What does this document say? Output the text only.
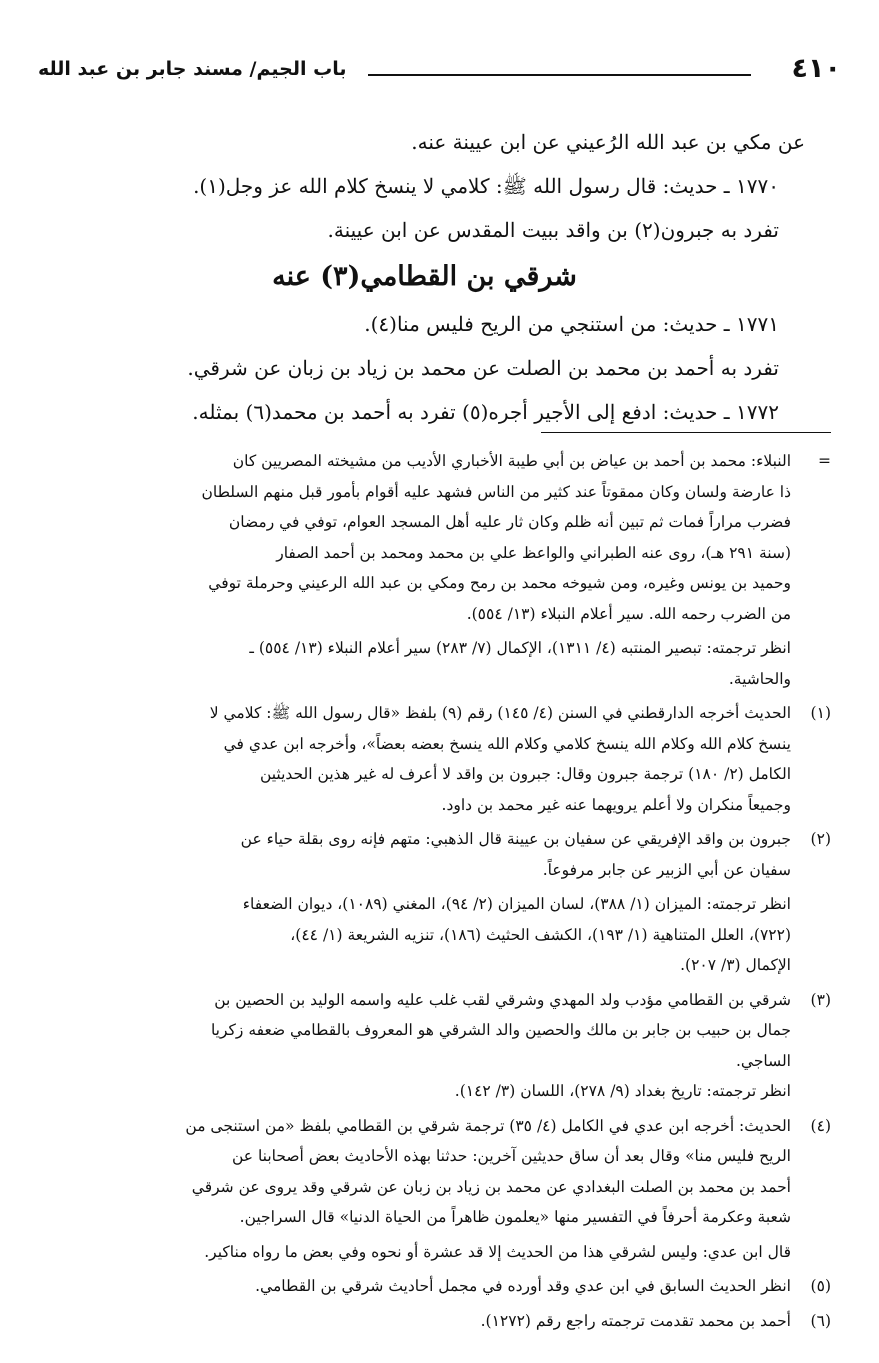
٤١٠
باب الجيم/ مسند جابر بن عبد الله
عن مكي بن عبد الله الرُعيني عن ابن عيينة عنه.
١٧٧٠ ـ حديث: قال رسول الله ﷺ: كلامي لا ينسخ كلام الله عز وجل(١).
تفرد به جبرون(٢) بن واقد ببيت المقدس عن ابن عيينة.
شرقي بن القطامي(٣) عنه
١٧٧١ ـ حديث: من استنجي من الريح فليس منا(٤).
تفرد به أحمد بن محمد بن الصلت عن محمد بن زياد بن زبان عن شرقي.
١٧٧٢ ـ حديث: ادفع إلى الأجير أجره(٥) تفرد به أحمد بن محمد(٦) بمثله.
=
النبلاء: محمد بن أحمد بن عياض بن أبي طيبة الأخباري الأديب من مشيخته المصريين كان
ذا عارضة ولسان وكان ممقوتاً عند كثير من الناس فشهد عليه أقوام بأمور قبل منهم السلطان
فضرب مراراً فمات ثم تبين أنه ظلم وكان ثار عليه أهل المسجد العوام، توفي في رمضان
(سنة ٢٩١ هـ)، روى عنه الطبراني والواعظ علي بن محمد ومحمد بن أحمد الصفار
وحميد بن يونس وغيره، ومن شيوخه محمد بن رمح ومكي بن عبد الله الرعيني وحرملة توفي
من الضرب رحمه الله. سير أعلام النبلاء (١٣/ ٥٥٤).
انظر ترجمته: تبصير المنتبه (٤/ ١٣١١)، الإكمال (٧/ ٢٨٣) سير أعلام النبلاء (١٣/ ٥٥٤) ـ
والحاشية.
(١)
الحديث أخرجه الدارقطني في السنن (٤/ ١٤٥) رقم (٩) بلفظ «قال رسول الله ﷺ: كلامي لا
ينسخ كلام الله وكلام الله ينسخ كلامي وكلام الله ينسخ بعضه بعضاً»، وأخرجه ابن عدي في
الكامل (٢/ ١٨٠) ترجمة جبرون وقال: جبرون بن واقد لا أعرف له غير هذين الحديثين
وجميعاً منكران ولا أعلم يرويهما عنه غير محمد بن داود.
(٢)
جبرون بن واقد الإفريقي عن سفيان بن عيينة قال الذهبي: متهم فإنه روى بقلة حياء عن
سفيان عن أبي الزبير عن جابر مرفوعاً.
انظر ترجمته: الميزان (١/ ٣٨٨)، لسان الميزان (٢/ ٩٤)، المغني (١٠٨٩)، ديوان الضعفاء
(٧٢٢)، العلل المتناهية (١/ ١٩٣)، الكشف الحثيث (١٨٦)، تنزيه الشريعة (١/ ٤٤)،
الإكمال (٣/ ٢٠٧).
(٣)
شرقي بن القطامي مؤدب ولد المهدي وشرقي لقب غلب عليه واسمه الوليد بن الحصين بن
جمال بن حبيب بن جابر بن مالك والحصين والد الشرقي هو المعروف بالقطامي ضعفه زكريا
الساجي.
انظر ترجمته: تاريخ بغداد (٩/ ٢٧٨)، اللسان (٣/ ١٤٢).
(٤)
الحديث: أخرجه ابن عدي في الكامل (٤/ ٣٥) ترجمة شرقي بن القطامي بلفظ «من استنجى من
الريح فليس منا» وقال بعد أن ساق حديثين آخرين: حدثنا بهذه الأحاديث بعض أصحابنا عن
أحمد بن محمد بن الصلت البغدادي عن محمد بن زياد بن زبان عن شرقي وقد يروى عن شرقي
شعبة وعكرمة أحرفاً في التفسير منها «يعلمون ظاهراً من الحياة الدنيا» قال السراجين.
قال ابن عدي: وليس لشرقي هذا من الحديث إلا قد عشرة أو نحوه وفي بعض ما رواه مناكير.
(٥)
انظر الحديث السابق في ابن عدي وقد أورده في مجمل أحاديث شرقي بن القطامي.
(٦)
أحمد بن محمد تقدمت ترجمته راجع رقم (١٢٧٢).
